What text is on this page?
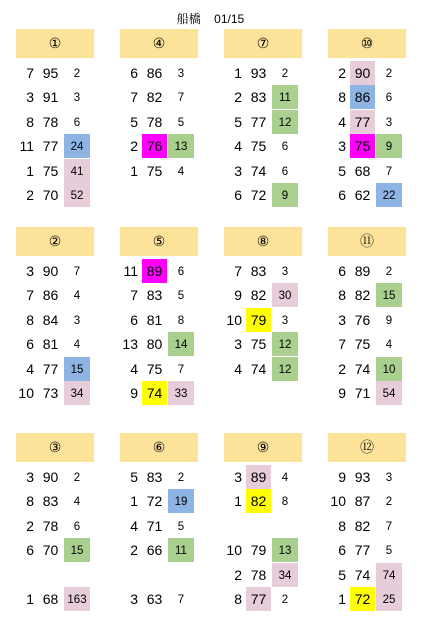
船橋 01/15
①
7 95	2
3 91	3
8 78	6
11 77	24
1 75	41
2 70	52
④
6 86	3
7 82	7
5 78	5
2 76	13
1 75	4
⑦
1 93	2
2 83	11
5 77	12
4 75	6
3 74	6
6 72	9
⑩
2 90	2
8 86	6
4 77	3
3 75	9
5 68	7
6 62	22
②
3 90	7
7 86	4
8 84	3
6 81	4
4 77	15
10 73	34
⑤
11 89	6
7 83	5
6 81	8
13 80	14
4 75	7
9 74	33
⑧
7 83	3
9 82	30
10 79	3
3 75	12
4 74	12
⑪
6 89	2
8 82	15
3 76	9
7 75	4
2 74	10
9 71	54
③
3 90	2
8 83	4
2 78	6
6 70	15
1 68 163
⑥
5 83	2
1 72	19
4 71	5
2 66	11
3 63	7
⑨
3 89	4
1 82	8
10 79	13
2 78	34
8 77	2
⑫
9 93	3
10 87	2
8 82	7
6 77	5
5 74	74
1 72	25
